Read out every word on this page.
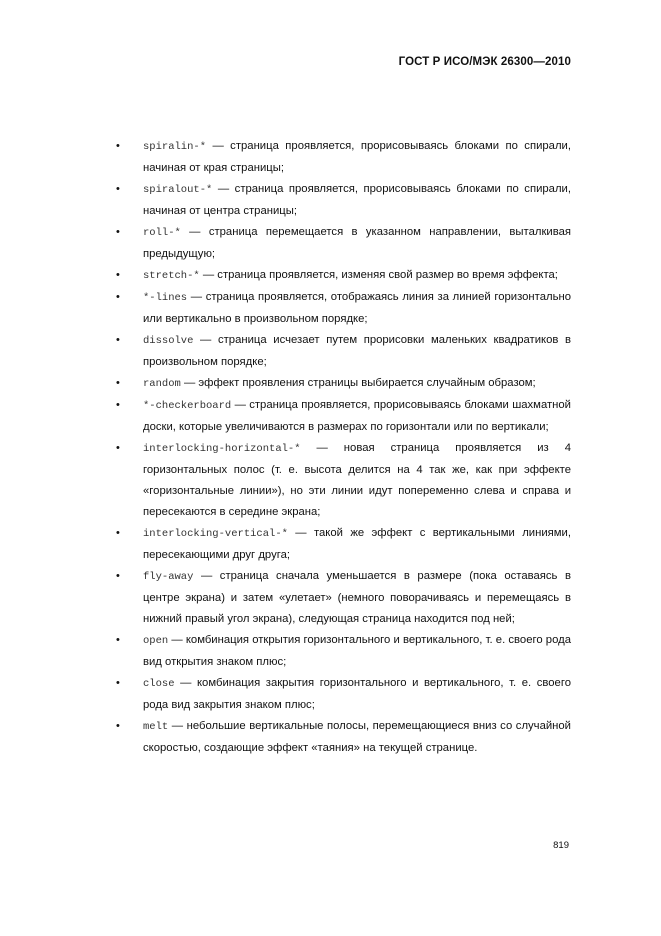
ГОСТ Р ИСО/МЭК 26300—2010
• spiralin-* — страница проявляется, прорисовываясь блоками по спирали, начиная от края страницы;
• spiralout-* — страница проявляется, прорисовываясь блоками по спирали, начиная от центра страницы;
• roll-* — страница перемещается в указанном направлении, выталкивая предыдущую;
• stretch-* — страница проявляется, изменяя свой размер во время эффекта;
• *-lines — страница проявляется, отображаясь линия за линией горизонтально или вертикально в произвольном порядке;
• dissolve — страница исчезает путем прорисовки маленьких квадратиков в произвольном порядке;
• random — эффект проявления страницы выбирается случайным образом;
• *-checkerboard — страница проявляется, прорисовываясь блоками шахматной доски, которые увеличиваются в размерах по горизонтали или по вертикали;
• interlocking-horizontal-* — новая страница проявляется из 4 горизонтальных полос (т. е. высота делится на 4 так же, как при эффекте «горизонтальные линии»), но эти линии идут попеременно слева и справа и пересекаются в середине экрана;
• interlocking-vertical-* — такой же эффект с вертикальными линиями, пересекающими друг друга;
• fly-away — страница сначала уменьшается в размере (пока оставаясь в центре экрана) и затем «улетает» (немного поворачиваясь и перемещаясь в нижний правый угол экрана), следующая страница находится под ней;
• open — комбинация открытия горизонтального и вертикального, т. е. своего рода вид открытия знаком плюс;
• close — комбинация закрытия горизонтального и вертикального, т. е. своего рода вид закрытия знаком плюс;
• melt — небольшие вертикальные полосы, перемещающиеся вниз со случайной скоростью, создающие эффект «таяния» на текущей странице.
819
